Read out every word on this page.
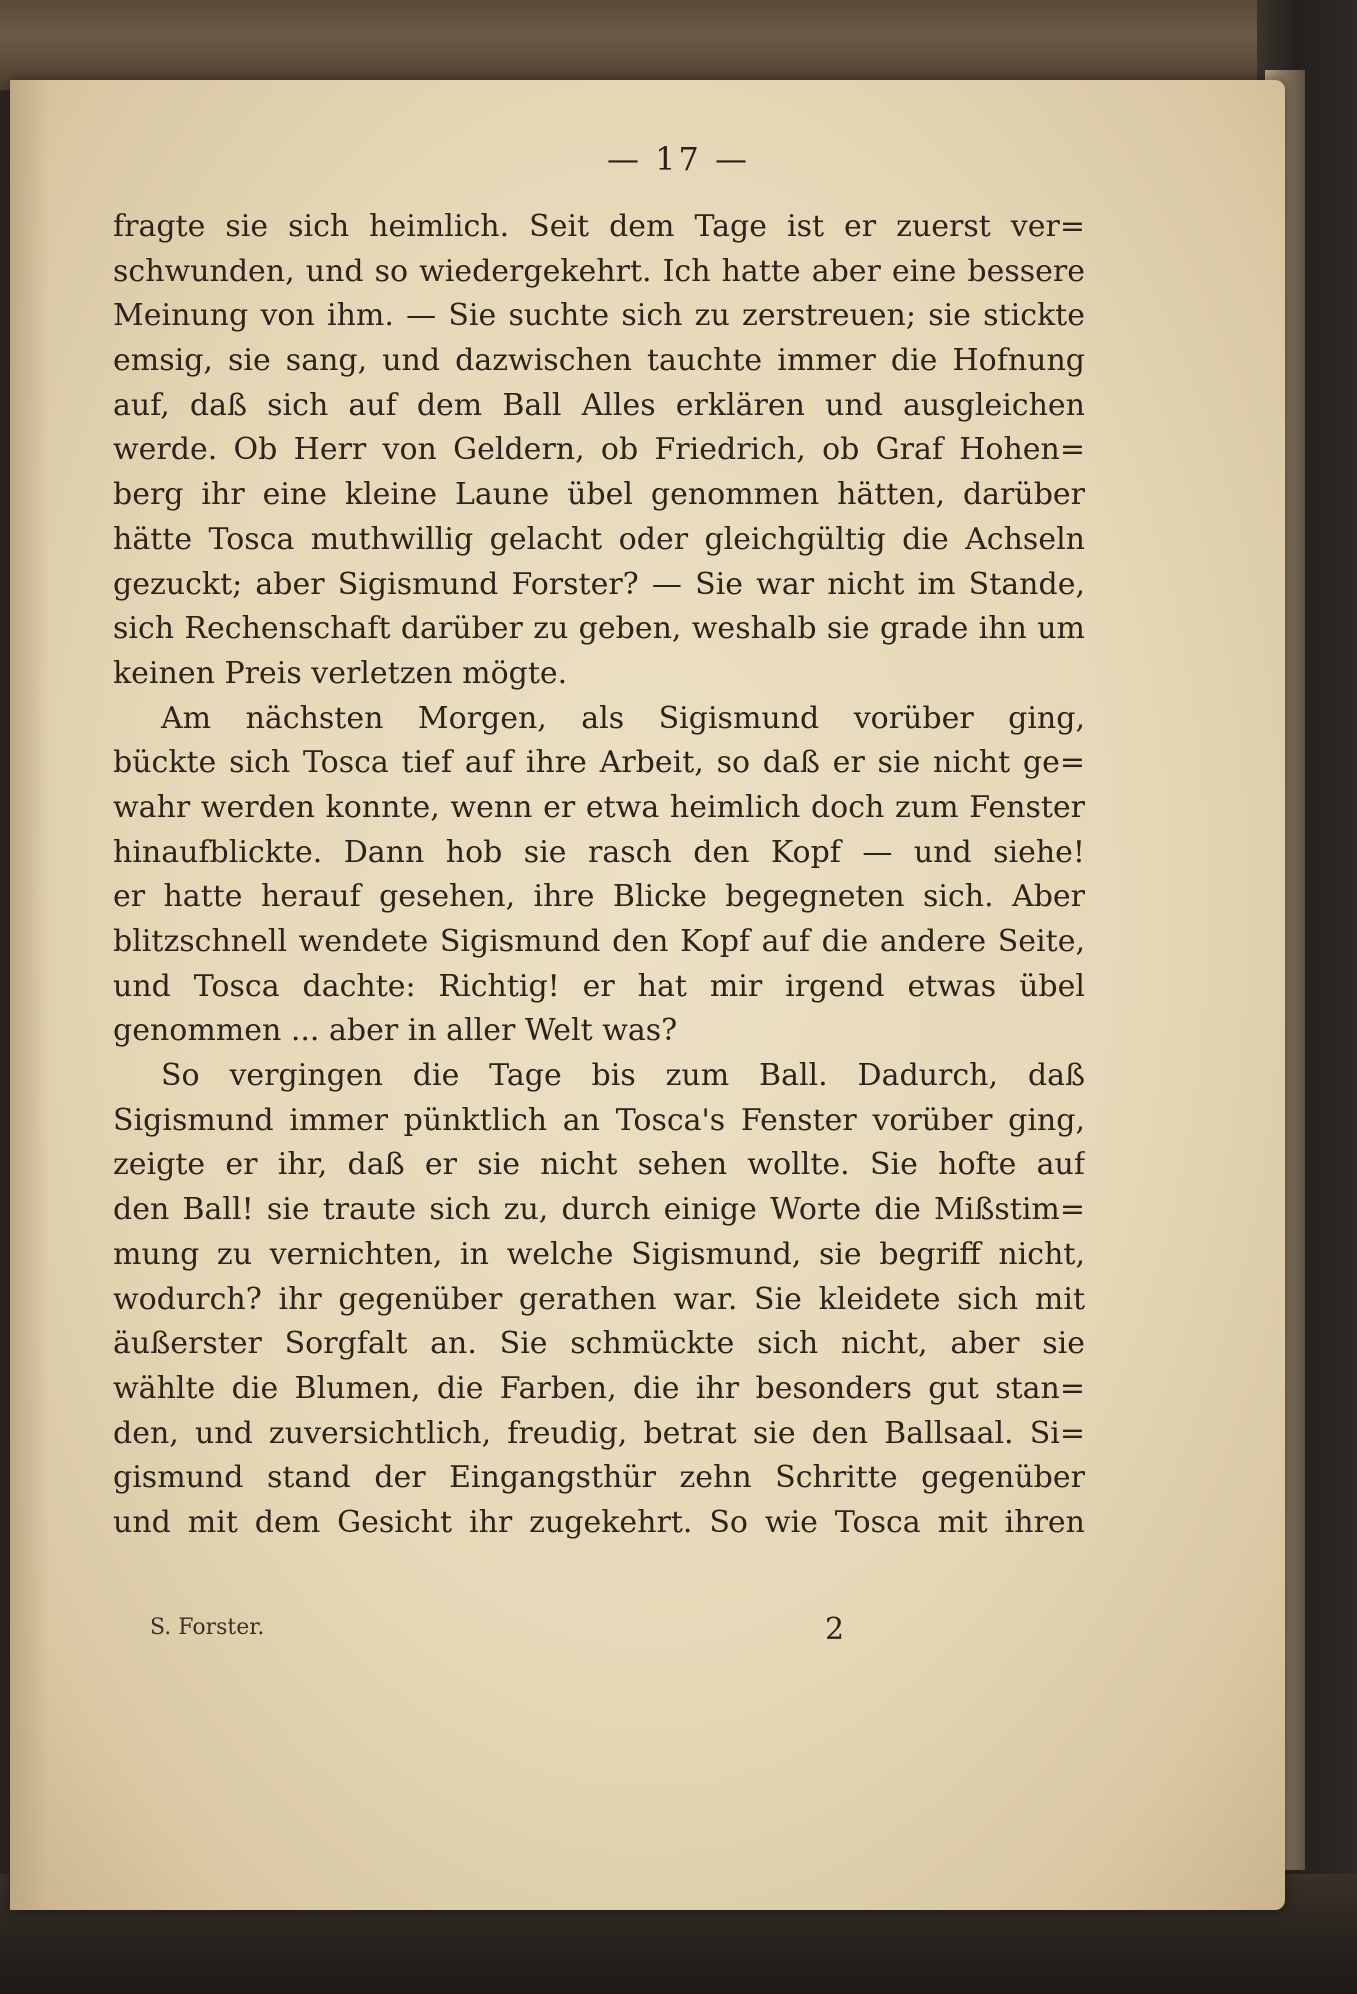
— 17 —
fragte sie sich heimlich. Seit dem Tage ist er zuerst ver=
schwunden, und so wiedergekehrt. Ich hatte aber eine bessere
Meinung von ihm. — Sie suchte sich zu zerstreuen; sie stickte
emsig, sie sang, und dazwischen tauchte immer die Hofnung
auf, daß sich auf dem Ball Alles erklären und ausgleichen
werde. Ob Herr von Geldern, ob Friedrich, ob Graf Hohen=
berg ihr eine kleine Laune übel genommen hätten, darüber
hätte Tosca muthwillig gelacht oder gleichgültig die Achseln
gezuckt; aber Sigismund Forster? — Sie war nicht im Stande,
sich Rechenschaft darüber zu geben, weshalb sie grade ihn um
keinen Preis verletzen mögte.
Am nächsten Morgen, als Sigismund vorüber ging,
bückte sich Tosca tief auf ihre Arbeit, so daß er sie nicht ge=
wahr werden konnte, wenn er etwa heimlich doch zum Fenster
hinaufblickte. Dann hob sie rasch den Kopf — und siehe!
er hatte herauf gesehen, ihre Blicke begegneten sich. Aber
blitzschnell wendete Sigismund den Kopf auf die andere Seite,
und Tosca dachte: Richtig! er hat mir irgend etwas übel
genommen ... aber in aller Welt was?
So vergingen die Tage bis zum Ball. Dadurch, daß
Sigismund immer pünktlich an Tosca's Fenster vorüber ging,
zeigte er ihr, daß er sie nicht sehen wollte. Sie hofte auf
den Ball! sie traute sich zu, durch einige Worte die Mißstim=
mung zu vernichten, in welche Sigismund, sie begriff nicht,
wodurch? ihr gegenüber gerathen war. Sie kleidete sich mit
äußerster Sorgfalt an. Sie schmückte sich nicht, aber sie
wählte die Blumen, die Farben, die ihr besonders gut stan=
den, und zuversichtlich, freudig, betrat sie den Ballsaal. Si=
gismund stand der Eingangsthür zehn Schritte gegenüber
und mit dem Gesicht ihr zugekehrt. So wie Tosca mit ihren
S. Forster.	2
